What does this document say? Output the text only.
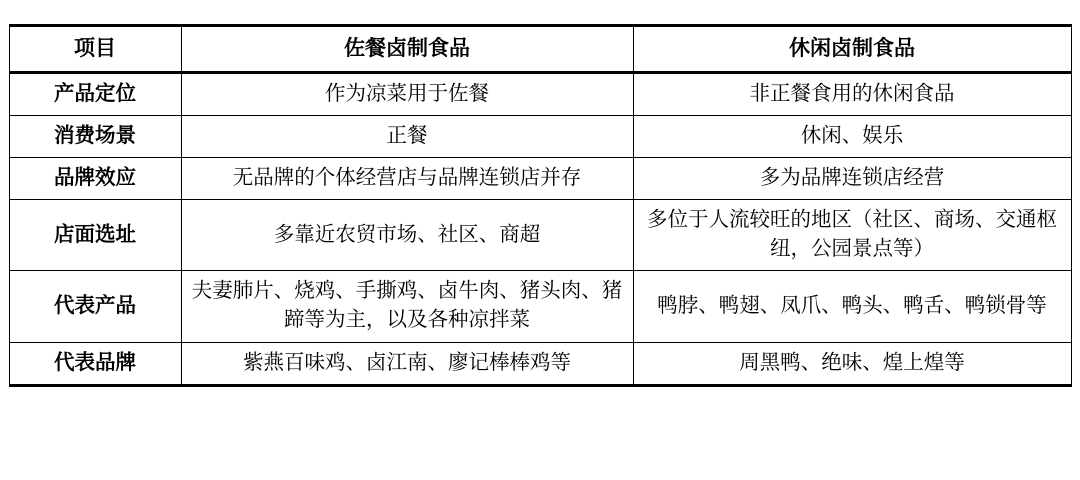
项目	佐餐卤制食品	休闲卤制食品
产品定位	作为凉菜用于佐餐	非正餐食用的休闲食品
消费场景	正餐	休闲、娱乐
品牌效应	无品牌的个体经营店与品牌连锁店并存	多为品牌连锁店经营
店面选址	多靠近农贸市场、社区、商超	多位于人流较旺的地区（社区、商场、交通枢纽，公园景点等）
代表产品	夫妻肺片、烧鸡、手撕鸡、卤牛肉、猪头肉、猪蹄等为主，以及各种凉拌菜	鸭脖、鸭翅、凤爪、鸭头、鸭舌、鸭锁骨等
代表品牌	紫燕百味鸡、卤江南、廖记棒棒鸡等	周黑鸭、绝味、煌上煌等
